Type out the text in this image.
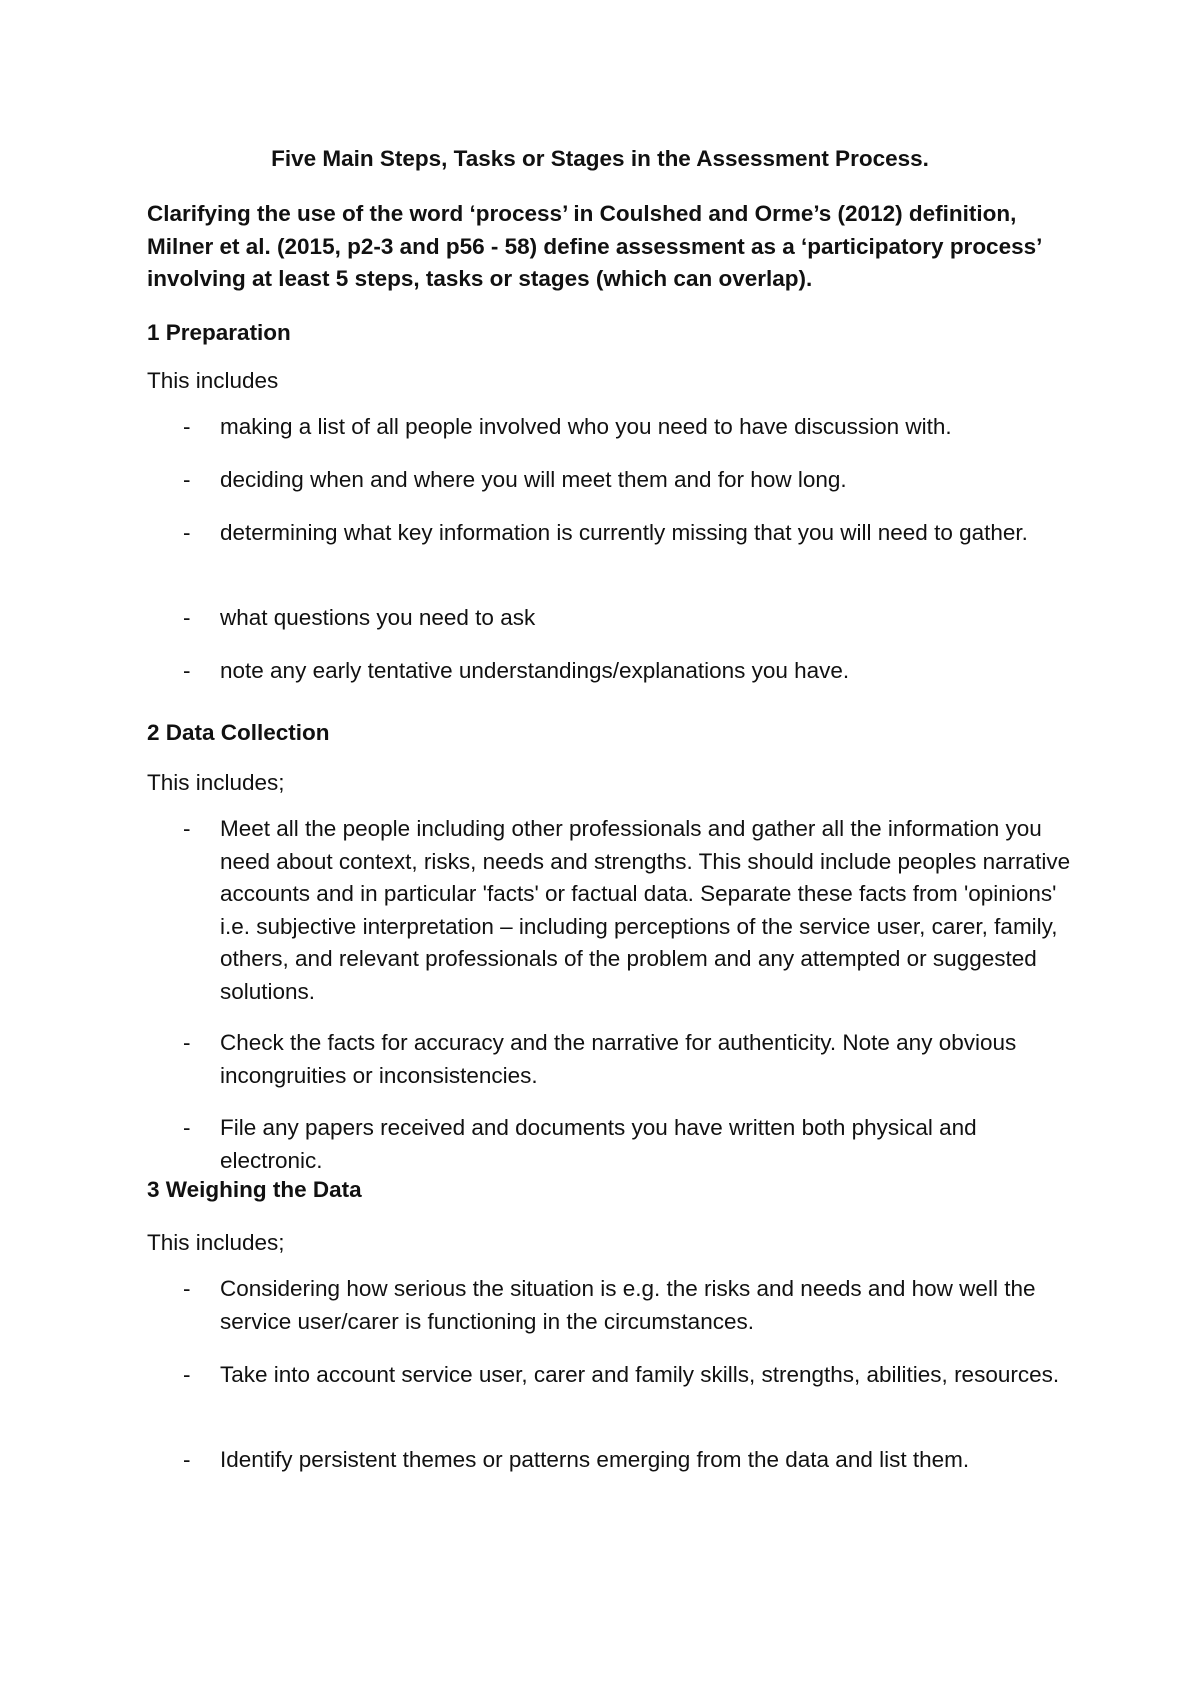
Five Main Steps, Tasks or Stages in the Assessment Process.

Clarifying the use of the word ‘process’ in Coulshed and Orme’s (2012) definition, Milner et al. (2015, p2-3 and p56 - 58) define assessment as a ‘participatory process’ involving at least 5 steps, tasks or stages (which can overlap).

1 Preparation

This includes

- making a list of all people involved who you need to have discussion with.
- deciding when and where you will meet them and for how long.
- determining what key information is currently missing that you will need to gather.
- what questions you need to ask
- note any early tentative understandings/explanations you have.

2 Data Collection

This includes;

- Meet all the people including other professionals and gather all the information you need about context, risks, needs and strengths. This should include peoples narrative accounts and in particular 'facts' or factual data. Separate these facts from 'opinions' i.e. subjective interpretation – including perceptions of the service user, carer, family, others, and relevant professionals of the problem and any attempted or suggested solutions.
- Check the facts for accuracy and the narrative for authenticity. Note any obvious incongruities or inconsistencies.
- File any papers received and documents you have written both physical and electronic.

3 Weighing the Data

This includes;

- Considering how serious the situation is e.g. the risks and needs and how well the service user/carer is functioning in the circumstances.
- Take into account service user, carer and family skills, strengths, abilities, resources.
- Identify persistent themes or patterns emerging from the data and list them.
